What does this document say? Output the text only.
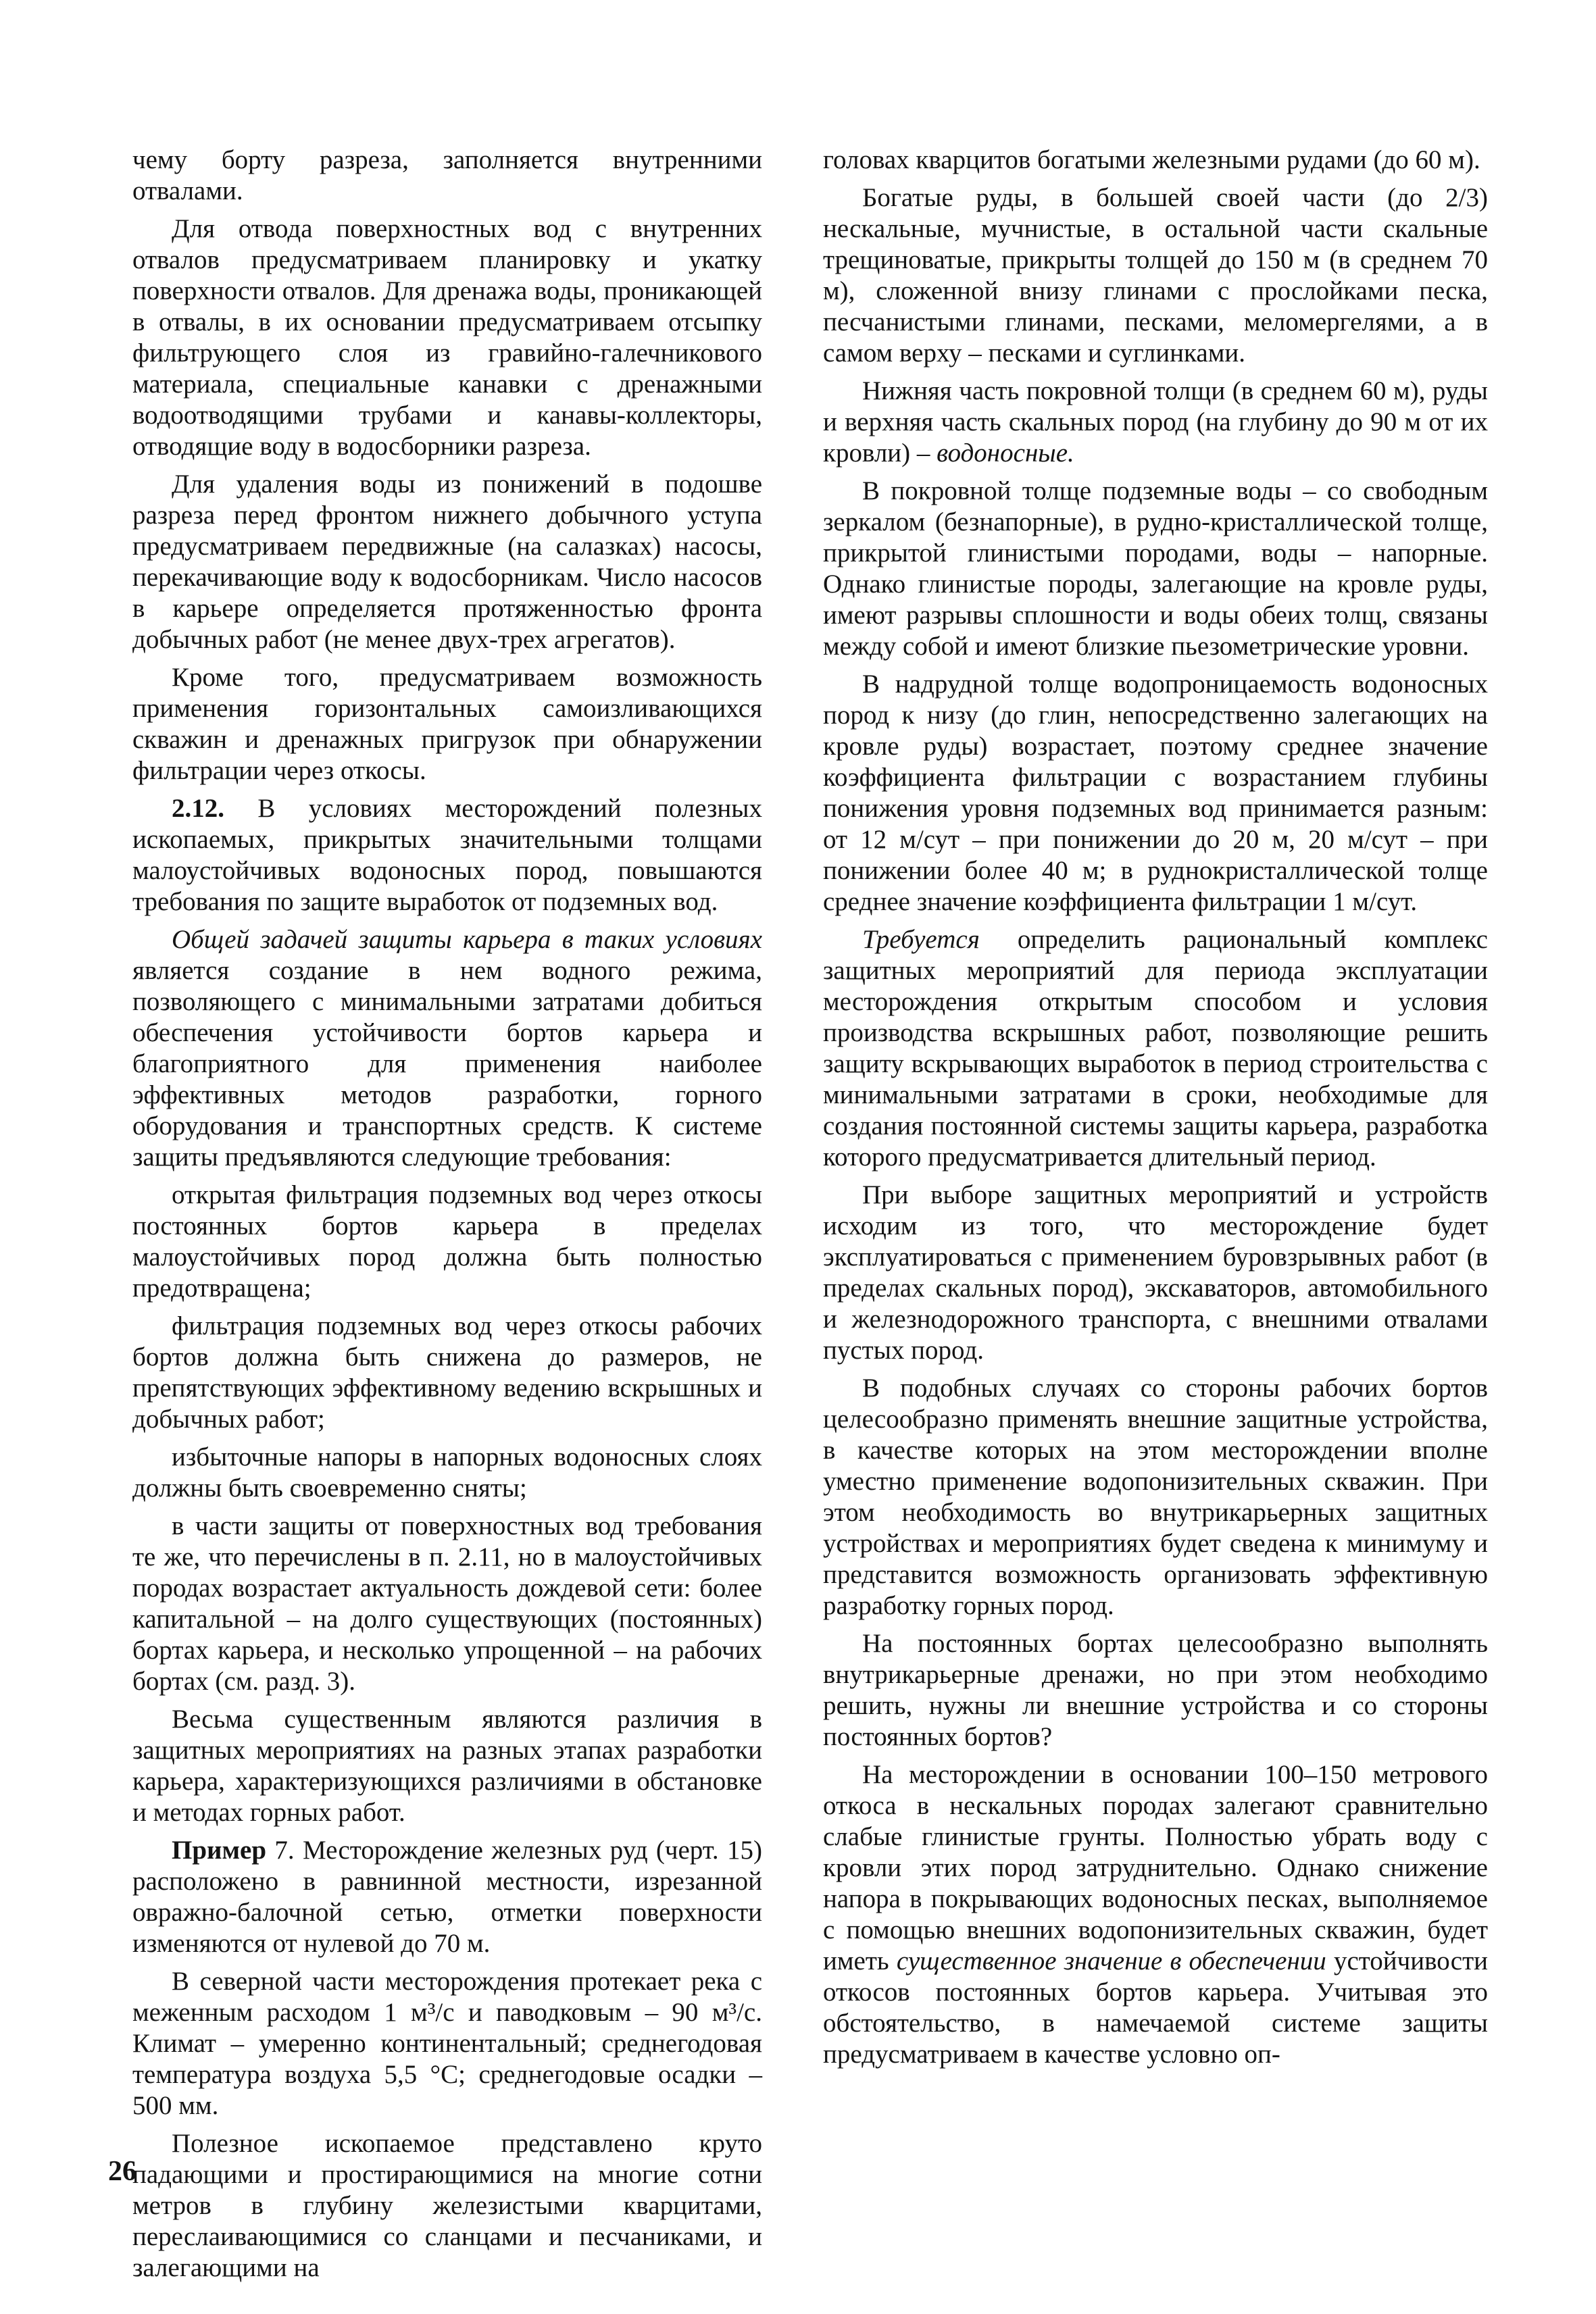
чему борту разреза, заполняется внутренними отвалами.

Для отвода поверхностных вод с внутренних отвалов предусматриваем планировку и укатку поверхности отвалов. Для дренажа воды, проникающей в отвалы, в их основании предусматриваем отсыпку фильтрующего слоя из гравийно-галечникового материала, специальные канавки с дренажными водоотводящими трубами и канавы-коллекторы, отводящие воду в водосборники разреза.

Для удаления воды из понижений в подошве разреза перед фронтом нижнего добычного уступа предусматриваем передвижные (на салазках) насосы, перекачивающие воду к водосборникам. Число насосов в карьере определяется протяженностью фронта добычных работ (не менее двух-трех агрегатов).

Кроме того, предусматриваем возможность применения горизонтальных самоизливающихся скважин и дренажных пригрузок при обнаружении фильтрации через откосы.

2.12. В условиях месторождений полезных ископаемых, прикрытых значительными толщами малоустойчивых водоносных пород, повышаются требования по защите выработок от подземных вод.

Общей задачей защиты карьера в таких условиях является создание в нем водного режима, позволяющего с минимальными затратами добиться обеспечения устойчивости бортов карьера и благоприятного для применения наиболее эффективных методов разработки, горного оборудования и транспортных средств. К системе защиты предъявляются следующие требования:

открытая фильтрация подземных вод через откосы постоянных бортов карьера в пределах малоустойчивых пород должна быть полностью предотвращена;

фильтрация подземных вод через откосы рабочих бортов должна быть снижена до размеров, не препятствующих эффективному ведению вскрышных и добычных работ;

избыточные напоры в напорных водоносных слоях должны быть своевременно сняты;

в части защиты от поверхностных вод требования те же, что перечислены в п. 2.11, но в малоустойчивых породах возрастает актуальность дождевой сети: более капитальной – на долго существующих (постоянных) бортах карьера, и несколько упрощенной – на рабочих бортах (см. разд. 3).

Весьма существенным являются различия в защитных мероприятиях на разных этапах разработки карьера, характеризующихся различиями в обстановке и методах горных работ.

Пример 7. Месторождение железных руд (черт. 15) расположено в равнинной местности, изрезанной овражно-балочной сетью, отметки поверхности изменяются от нулевой до 70 м.

В северной части месторождения протекает река с меженным расходом 1 м³/с и паводковым – 90 м³/с. Климат – умеренно континентальный; среднегодовая температура воздуха 5,5 °С; среднегодовые осадки – 500 мм.

Полезное ископаемое представлено круто падающими и простирающимися на многие сотни метров в глубину железистыми кварцитами, переслаивающимися со сланцами и песчаниками, и залегающими на

головах кварцитов богатыми железными рудами (до 60 м).

Богатые руды, в большей своей части (до 2/3) нескальные, мучнистые, в остальной части скальные трещиноватые, прикрыты толщей до 150 м (в среднем 70 м), сложенной внизу глинами с прослойками песка, песчанистыми глинами, песками, меломергелями, а в самом верху – песками и суглинками.

Нижняя часть покровной толщи (в среднем 60 м), руды и верхняя часть скальных пород (на глубину до 90 м от их кровли) – водоносные.

В покровной толще подземные воды – со свободным зеркалом (безнапорные), в рудно-кристаллической толще, прикрытой глинистыми породами, воды – напорные. Однако глинистые породы, залегающие на кровле руды, имеют разрывы сплошности и воды обеих толщ, связаны между собой и имеют близкие пьезометрические уровни.

В надрудной толще водопроницаемость водоносных пород к низу (до глин, непосредственно залегающих на кровле руды) возрастает, поэтому среднее значение коэффициента фильтрации с возрастанием глубины понижения уровня подземных вод принимается разным: от 12 м/сут – при понижении до 20 м, 20 м/сут – при понижении более 40 м; в руднокристаллической толще среднее значение коэффициента фильтрации 1 м/сут.

Требуется определить рациональный комплекс защитных мероприятий для периода эксплуатации месторождения открытым способом и условия производства вскрышных работ, позволяющие решить защиту вскрывающих выработок в период строительства с минимальными затратами в сроки, необходимые для создания постоянной системы защиты карьера, разработка которого предусматривается длительный период.

При выборе защитных мероприятий и устройств исходим из того, что месторождение будет эксплуатироваться с применением буровзрывных работ (в пределах скальных пород), экскаваторов, автомобильного и железнодорожного транспорта, с внешними отвалами пустых пород.

В подобных случаях со стороны рабочих бортов целесообразно применять внешние защитные устройства, в качестве которых на этом месторождении вполне уместно применение водопонизительных скважин. При этом необходимость во внутрикарьерных защитных устройствах и мероприятиях будет сведена к минимуму и представится возможность организовать эффективную разработку горных пород.

На постоянных бортах целесообразно выполнять внутрикарьерные дренажи, но при этом необходимо решить, нужны ли внешние устройства и со стороны постоянных бортов?

На месторождении в основании 100–150 метрового откоса в нескальных породах залегают сравнительно слабые глинистые грунты. Полностью убрать воду с кровли этих пород затруднительно. Однако снижение напора в покрывающих водоносных песках, выполняемое с помощью внешних водопонизительных скважин, будет иметь существенное значение в обеспечении устойчивости откосов постоянных бортов карьера. Учитывая это обстоятельство, в намечаемой системе защиты предусматриваем в качестве условно оп-

26
